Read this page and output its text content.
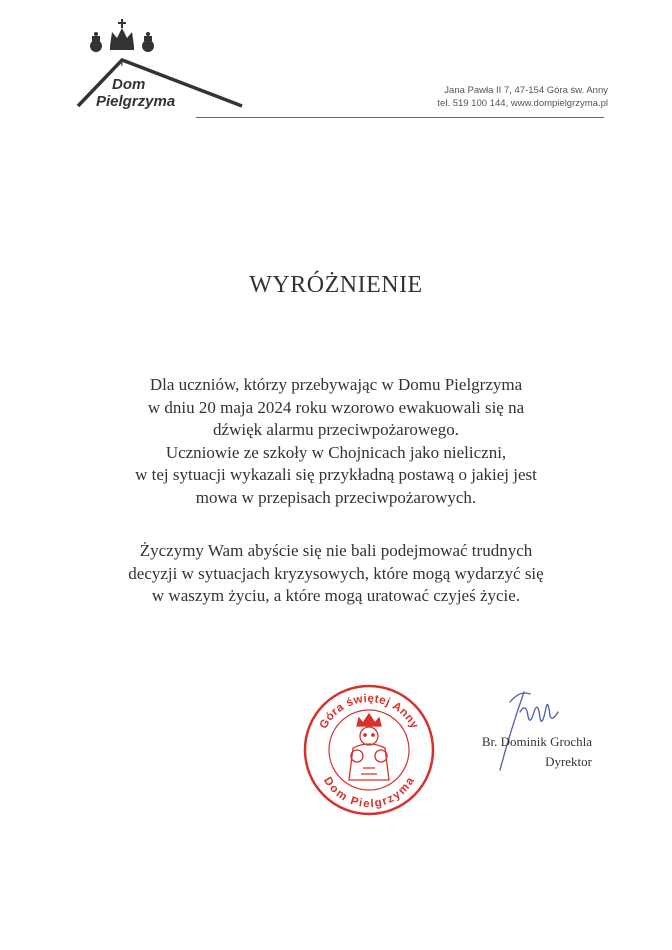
Dom
Pielgrzyma
Jana Pawła II 7, 47-154 Góra św. Anny
tel. 519 100 144, www.dompielgrzyma.pl
WYRÓŻNIENIE
Dla uczniów, którzy przebywając w Domu Pielgrzyma
w dniu 20 maja 2024 roku wzorowo ewakuowali się na
dźwięk alarmu przeciwpożarowego.
Uczniowie ze szkoły w Chojnicach jako nieliczni,
w tej sytuacji wykazali się przykładną postawą o jakiej jest
mowa w przepisach przeciwpożarowych.
Życzymy Wam abyście się nie bali podejmować trudnych
decyzji w sytuacjach kryzysowych, które mogą wydarzyć się
w waszym życiu, a które mogą uratować czyjeś życie.
Góra świętej Anny
Dom Pielgrzyma
Br. Dominik Grochla
Dyrektor
